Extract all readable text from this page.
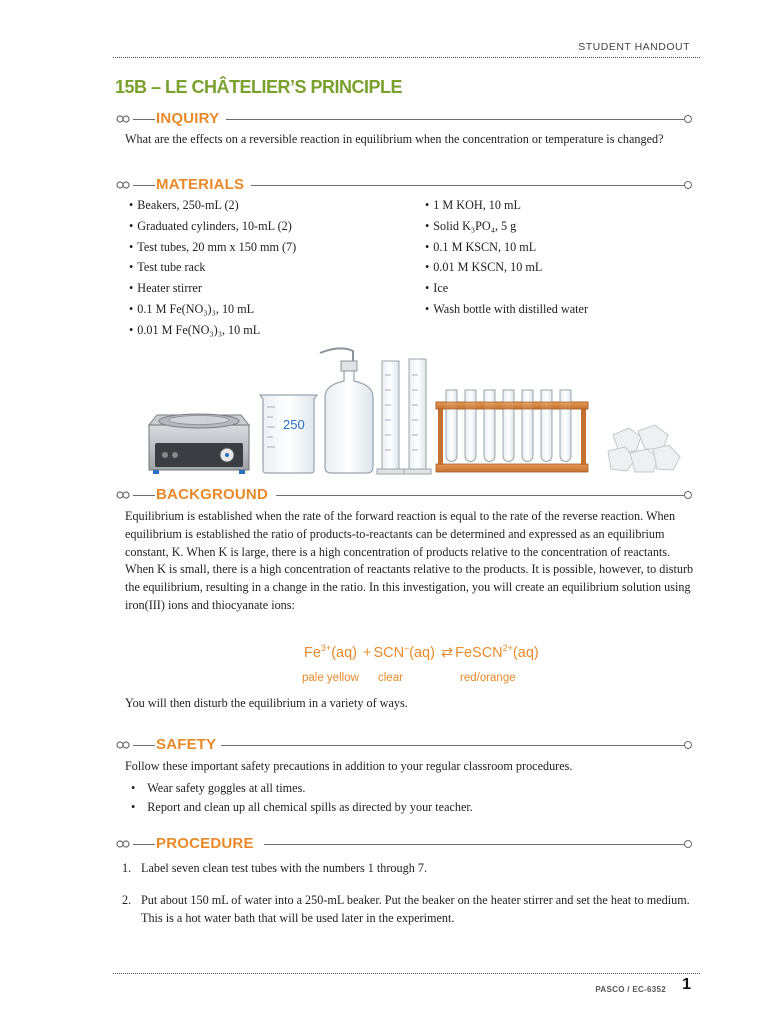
STUDENT HANDOUT
15B – LE CHÂTELIER’S PRINCIPLE
INQUIRY
What are the effects on a reversible reaction in equilibrium when the concentration or temperature is changed?
MATERIALS
• Beakers, 250-mL (2)
• Graduated cylinders, 10-mL (2)
• Test tubes, 20 mm x 150 mm (7)
• Test tube rack
• Heater stirrer
• 0.1 M Fe(NO₃)₃, 10 mL
• 0.01 M Fe(NO₃)₃, 10 mL
• 1 M KOH, 10 mL
• Solid K₃PO₄, 5 g
• 0.1 M KSCN, 10 mL
• 0.01 M KSCN, 10 mL
• Ice
• Wash bottle with distilled water
250
BACKGROUND
Equilibrium is established when the rate of the forward reaction is equal to the rate of the reverse reaction. When equilibrium is established the ratio of products-to-reactants can be determined and expressed as an equilibrium constant, K. When K is large, there is a high concentration of products relative to the concentration of reactants. When K is small, there is a high concentration of reactants relative to the products. It is possible, however, to disturb the equilibrium, resulting in a change in the ratio. In this investigation, you will create an equilibrium solution using iron(III) ions and thiocyanate ions:
$Fe^{3+}(aq) + SCN^-(aq)$ ⇄ FeSCN$^{2+}$(aq)
pale yellow clear	red/orange
You will then disturb the equilibrium in a variety of ways.
SAFETY
Follow these important safety precautions in addition to your regular classroom procedures.
• Wear safety goggles at all times.
• Report and clean up all chemical spills as directed by your teacher.
PROCEDURE
1. Label seven clean test tubes with the numbers 1 through 7.
2. Put about 150 mL of water into a 250-mL beaker. Put the beaker on the heater stirrer and set the heat to medium. This is a hot water bath that will be used later in the experiment.
PASCO / EC-6352 1
